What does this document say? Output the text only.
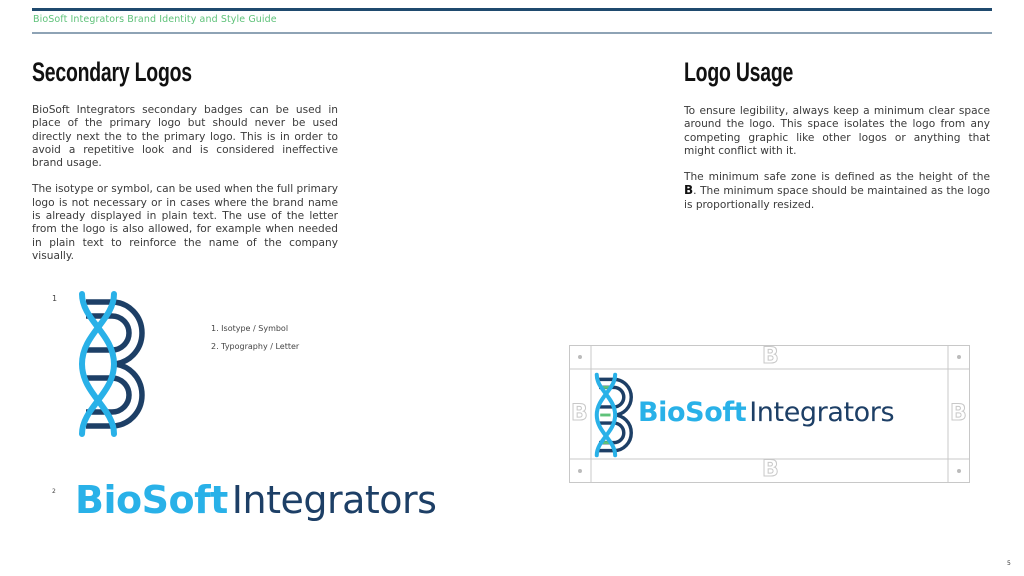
BioSoft Integrators Brand Identity and Style Guide
Secondary Logos

BioSoft Integrators secondary badges can be used in place of the primary logo but should never be used directly next the to the primary logo. This is in order to avoid a repetitive look and is considered ineffective brand usage.

The isotype or symbol, can be used when the full primary logo is not necessary or in cases where the brand name is already displayed in plain text. The use of the letter from the logo is also allowed, for example when needed in plain text to reinforce the name of the company visually.

1
1. Isotype / Symbol
2. Typography / Letter
2 BioSoft Integrators
Logo Usage

To ensure legibility, always keep a minimum clear space around the logo. This space isolates the logo from any competing graphic like other logos or anything that might conflict with it.

The minimum safe zone is defined as the height of the B. The minimum space should be maintained as the logo is proportionally resized.

B
B
B	B
BioSoft Integrators
5
